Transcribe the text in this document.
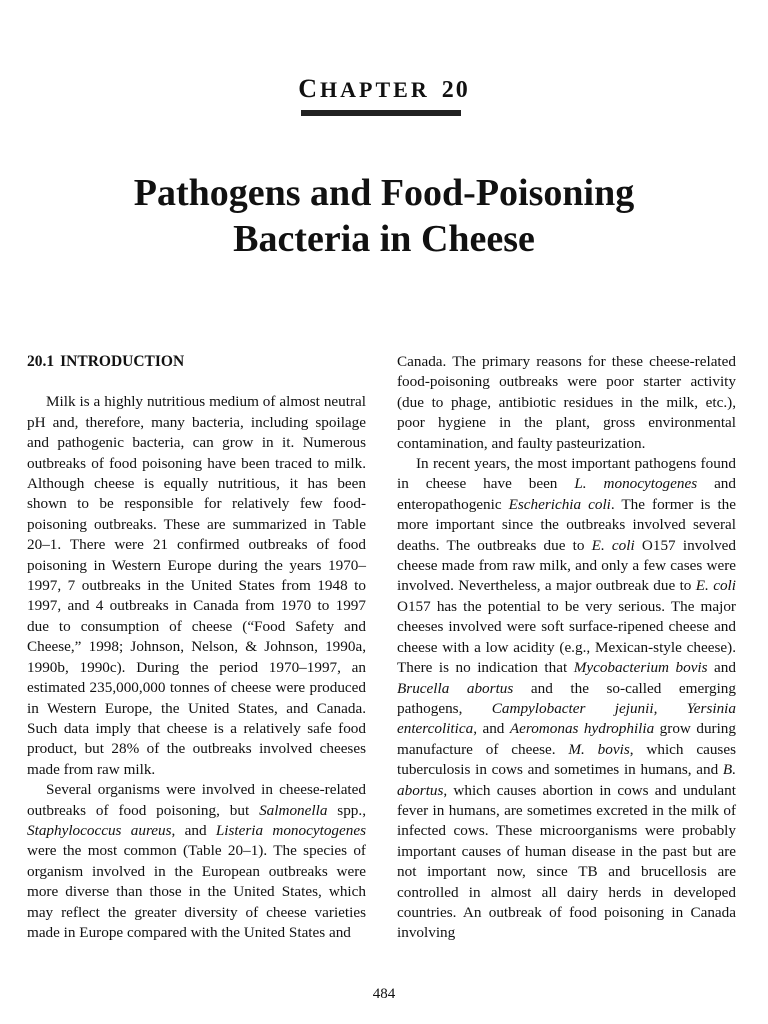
CHAPTER 20
Pathogens and Food-Poisoning
Bacteria in Cheese
20.1 INTRODUCTION

Milk is a highly nutritious medium of almost neutral pH and, therefore, many bacteria, including spoilage and pathogenic bacteria, can grow in it. Numerous outbreaks of food poisoning have been traced to milk. Although cheese is equally nutritious, it has been shown to be responsible for relatively few food-poisoning outbreaks. These are summarized in Table 20–1. There were 21 confirmed outbreaks of food poisoning in Western Europe during the years 1970–1997, 7 outbreaks in the United States from 1948 to 1997, and 4 outbreaks in Canada from 1970 to 1997 due to consumption of cheese (“Food Safety and Cheese,” 1998; Johnson, Nelson, & Johnson, 1990a, 1990b, 1990c). During the period 1970–1997, an estimated 235,000,000 tonnes of cheese were produced in Western Europe, the United States, and Canada. Such data imply that cheese is a relatively safe food product, but 28% of the outbreaks involved cheeses made from raw milk.

Several organisms were involved in cheese-related outbreaks of food poisoning, but Salmonella spp., Staphylococcus aureus, and Listeria monocytogenes were the most common (Table 20–1). The species of organism involved in the European outbreaks were more diverse than those in the United States, which may reflect the greater diversity of cheese varieties made in Europe compared with the United States and

Canada. The primary reasons for these cheese-related food-poisoning outbreaks were poor starter activity (due to phage, antibiotic residues in the milk, etc.), poor hygiene in the plant, gross environmental contamination, and faulty pasteurization.

In recent years, the most important pathogens found in cheese have been L. monocytogenes and enteropathogenic Escherichia coli. The former is the more important since the outbreaks involved several deaths. The outbreaks due to E. coli O157 involved cheese made from raw milk, and only a few cases were involved. Nevertheless, a major outbreak due to E. coli O157 has the potential to be very serious. The major cheeses involved were soft surface-ripened cheese and cheese with a low acidity (e.g., Mexican-style cheese). There is no indication that Mycobacterium bovis and Brucella abortus and the so-called emerging pathogens, Campylobacter jejunii, Yersinia entercolitica, and Aeromonas hydrophilia grow during manufacture of cheese. M. bovis, which causes tuberculosis in cows and sometimes in humans, and B. abortus, which causes abortion in cows and undulant fever in humans, are sometimes excreted in the milk of infected cows. These microorganisms were probably important causes of human disease in the past but are not important now, since TB and brucellosis are controlled in almost all dairy herds in developed countries. An outbreak of food poisoning in Canada involving

484
